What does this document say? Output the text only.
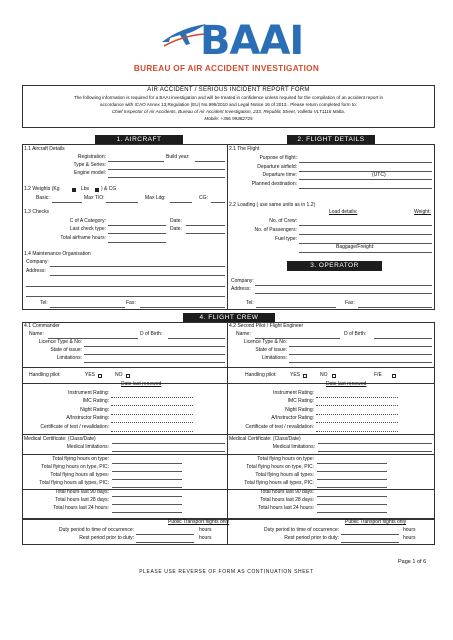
BAAI
BUREAU OF AIR ACCIDENT INVESTIGATION
AIR ACCIDENT / SERIOUS INCIDENT REPORT FORM
The following information is required for a BAAI investigation and will be treated in confidence unless required for the compilation of an accident report in
accordance with ICAO Annex 13,Regulation (EU) No.996/2010 and Legal Notice 16 of 2013.. Please return completed form to:
Chief Inspector of Air Accidents, Bureau of Air Accident Investigation, 233, Republic Street, Valletta VLT1116 Malta.
Mobile: +356 99382725
1. AIRCRAFT	2. FLIGHT DETAILS
1.1 Aircraft Details
Registration:	Build year:
Type & Series:
Engine model:
1.2 Weights (Kg	Lbs ) & CG
Basic:	Max T/O:	Max Ldg:	CG:
1.3 Checks
C of A Category:	Date:
Last check type:	Date:
Total airframe hours:
1.4 Maintenance Organisation
Company:
Address:
Tel:	Fax:
2.1 The Flight
Purpose of flight:
Departure airfield:
Departure time:	(UTC)
Planned destination:
2.2 Loading ( use same units as in 1.2)
Load details:	Weight:
No. of Crew:
No. of Passengers:
Fuel type:
Baggage/Freight:
3. OPERATOR
Company:
Address:
Tel:	Fax:
4. FLIGHT CREW
4.1 Commander
Name:	D of Birth:
Licence Type & No:
State of issue:
Limitations:
Handling pilot:	YES	NO
Date last renewed
Instrument Rating:
IMC Rating:
Night Rating:
A/Instructor Rating:
Certificate of test / revalidation:
Medical Certificate: (Class/Date)
Medical limitations:
Total flying hours on type:
Total flying hours on type, PIC:
Total flying hours all types:
Total flying hours all types, PIC:
Total hours last 90 days:
Total hours last 28 days:
Total hours last 24 hours:
4.2 Second Pilot / Flight Engineer
Name:	D of Birth:
Licence Type & No:
State of issue:
Limitations:
Handling pilot:	YES	NO	F/E
Date last renewed
Instrument Rating:
IMC Rating:
Night Rating:
A/Instructor Rating:
Certificate of test / revalidation:
Medical Certificate: (Class/Date)
Medical limitations:
Total flying hours on type:
Total flying hours on type, PIC:
Total flying hours all types:
Total flying hours all types, PIC:
Total hours last 90 days:
Total hours last 28 days:
Total hours last 24 hours:
Public Transport flights only
Duty period to time of occurrence:	hours
Rest period prior to duty:	hours
Public Transport flights only
Duty period to time of occurrence:	hours
Rest period prior to duty:	hours
Page 1 of 6
PLEASE USE REVERSE OF FORM AS CONTINUATION SHEET
